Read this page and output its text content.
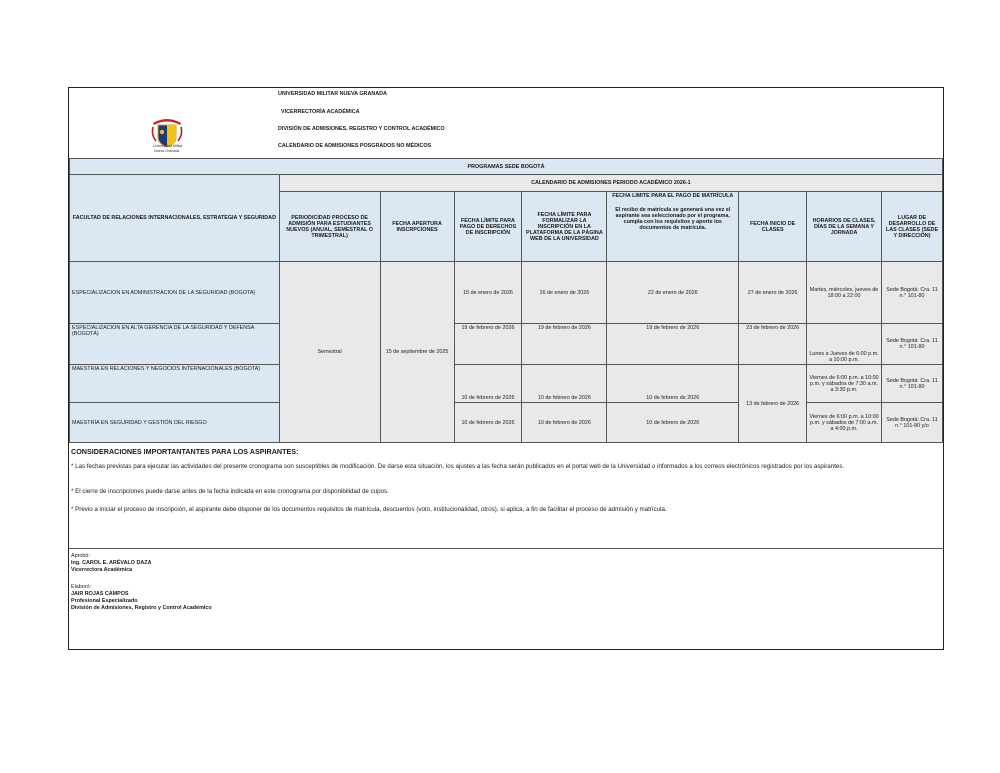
Universidad Militar
Nueva Granada
UNIVERSIDAD MILITAR NUEVA GRANADA
VICERRECTORÍA ACADÉMICA
DIVISIÓN DE ADMISIONES, REGISTRO Y CONTROL ACADÉMICO
CALENDARIO DE ADMISIONES POSGRADOS NO MÉDICOS
PROGRAMAS SEDE BOGOTÁ								
FACULTAD DE RELACIONES INTERNACIONALES, ESTRATEGIA Y SEGURIDAD	CALENDARIO DE ADMISIONES PERIODO ACADÉMICO 2026-1							
	PERIODICIDAD PROCESO DE ADMISIÓN PARA ESTUDIANTES NUEVOS (ANUAL, SEMESTRAL O TRIMESTRAL)	FECHA APERTURA INSCRPCIONES	FECHA LÍMITE PARA PAGO DE DERECHOS DE INSCRIPCIÓN	FECHA LÍMITE PARA FORMALIZAR LA INSCRIPCIÓN EN LA PLATAFORMA DE LA PÁGINA WEB DE LA UNIVERSIDAD	FECHA LIMITE PARA EL PAGO DE MATRÍCULA
El recibo de matrícula se generará una vez el aspirante sea seleccionado por el programa, cumpla con los requisitos y aporte los documentos de matrícula.	FECHA INICIO DE CLASES	HORARIOS DE CLASES, DÍAS DE LA SEMANA Y JORNADA	LUGAR DE DESARROLLO DE LAS CLASES (SEDE Y DIRECCIÓN)
ESPECIALIZACION EN ADMINISTRACION DE LA SEGURIDAD (BOGOTA)	Semestral	15 de septiembre de 2025	15 de enero de 2026	16 de enero de 2026	22 de enero de 2026	27 de enero de 2026	Martes, miércoles, jueves de 18:00 a 22:00	Sede Bogotá: Cra. 11 n.° 101-80
ESPECIALIZACION EN ALTA GERENCIA DE LA SEGURIDAD Y DEFENSA (BOGOTÁ)			19 de febrero de 2026	19 de febrero de 2026	19 de febrero de 2026	23 de febrero de 2026	Lunes a Jueves de 6:00 p.m. a 10:00 p.m.	Sede Bogotá: Cra. 11 n.° 101-80
MAESTRIA EN RELACIONES Y NEGOCIOS INTERNACIONALES (BOGOTA)			10 de febrero de 2026	10 de febrero de 2026	10 de febrero de 2026	13 de febrero de 2026	Viernes de 6:00 p.m. a 10:00 p.m. y sábados de 7:30 a.m. a 3:30 p.m.	Sede Bogotá: Cra. 11 n.° 101-80
MAESTRÍA EN SEGURIDAD Y GESTIÓN DEL RIESGO			10 de febrero de 2026	10 de febrero de 2026	10 de febrero de 2026		Viernes de 6:00 p.m. a 10:00 p.m. y sábados de 7:00 a.m. a 4:00 p.m.	Sede Bogotá: Cra. 11 n.° 101-80 y/o
CONSIDERACIONES IMPORTANTANTES PARA LOS ASPIRANTES:
* Las fechas previstas para ejecutar las actividades del presente cronograma son susceptibles de modificación. De darse esta situación, los ajustes a las fecha serán publicados en el portal web de la Universidad o informados a los correos electrónicos registrados por los aspirantes.
* El cierre de inscripciones puede darse antes de la fecha indicada en este cronograma por disponibilidad de cupos.
* Previo a iniciar el proceso de inscripción, el aspirante debe disponer de los documentos requisitos de matrícula, descuentos (voto, institucionalidad, otros), si aplica, a fin de facilitar el proceso de admisión y matrícula.
Aprobó:
Ing. CAROL E. ARÉVALO DAZA
Vicerrectora Académica
Elaboró:
JAIR ROJAS CAMPOS
Profesional Especializado
División de Admisiones, Registro y Control Académico
